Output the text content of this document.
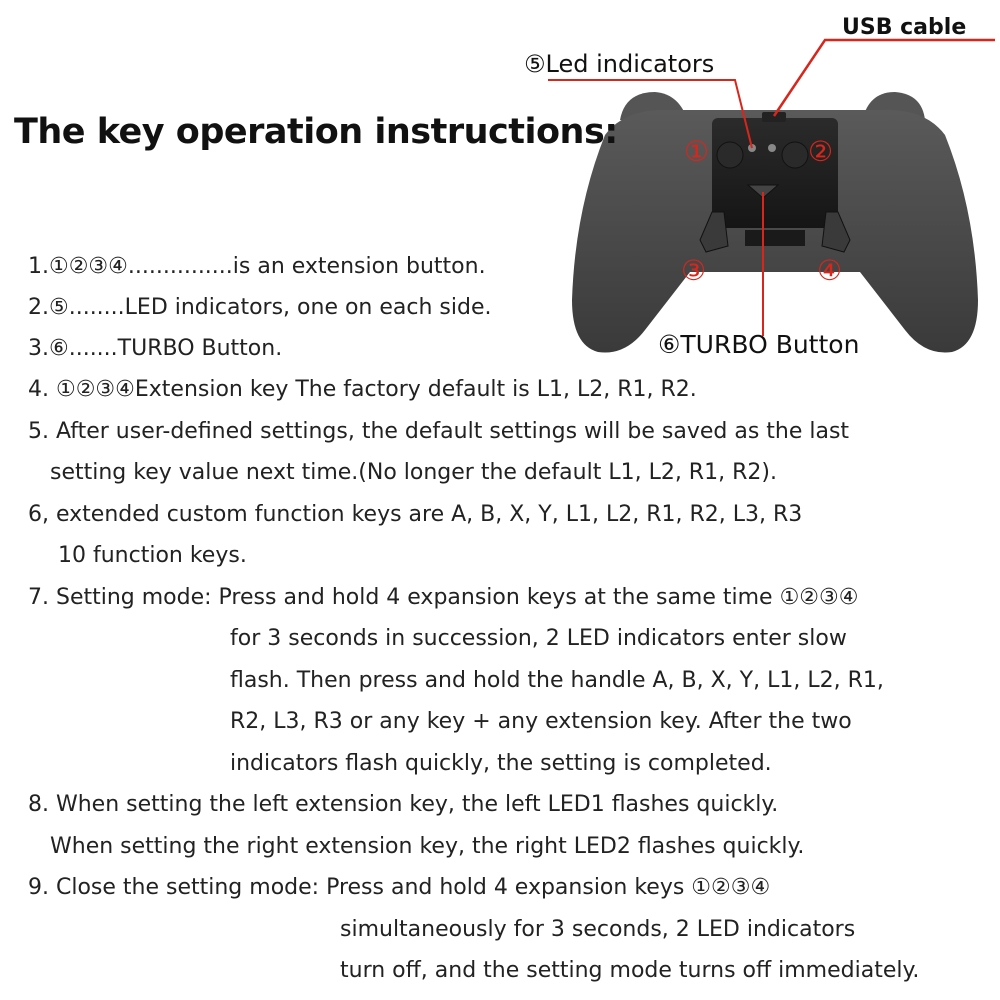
⑤Led indicators
USB cable
⑥TURBO Button
①	②
③	④
The key operation instructions:
1.①②③④...............is an extension button.
2.⑤........LED indicators, one on each side.
3.⑥.......TURBO Button.
4. ①②③④Extension key The factory default is L1, L2, R1, R2.
5. After user-defined settings, the default settings will be saved as the last
setting key value next time.(No longer the default L1, L2, R1, R2).
6, extended custom function keys are A, B, X, Y, L1, L2, R1, R2, L3, R3
10 function keys.
7. Setting mode: Press and hold 4 expansion keys at the same time ①②③④
for 3 seconds in succession, 2 LED indicators enter slow
flash. Then press and hold the handle A, B, X, Y, L1, L2, R1,
R2, L3, R3 or any key + any extension key. After the two
indicators flash quickly, the setting is completed.
8. When setting the left extension key, the left LED1 flashes quickly.
When setting the right extension key, the right LED2 flashes quickly.
9. Close the setting mode: Press and hold 4 expansion keys ①②③④
simultaneously for 3 seconds, 2 LED indicators
turn off, and the setting mode turns off immediately.
